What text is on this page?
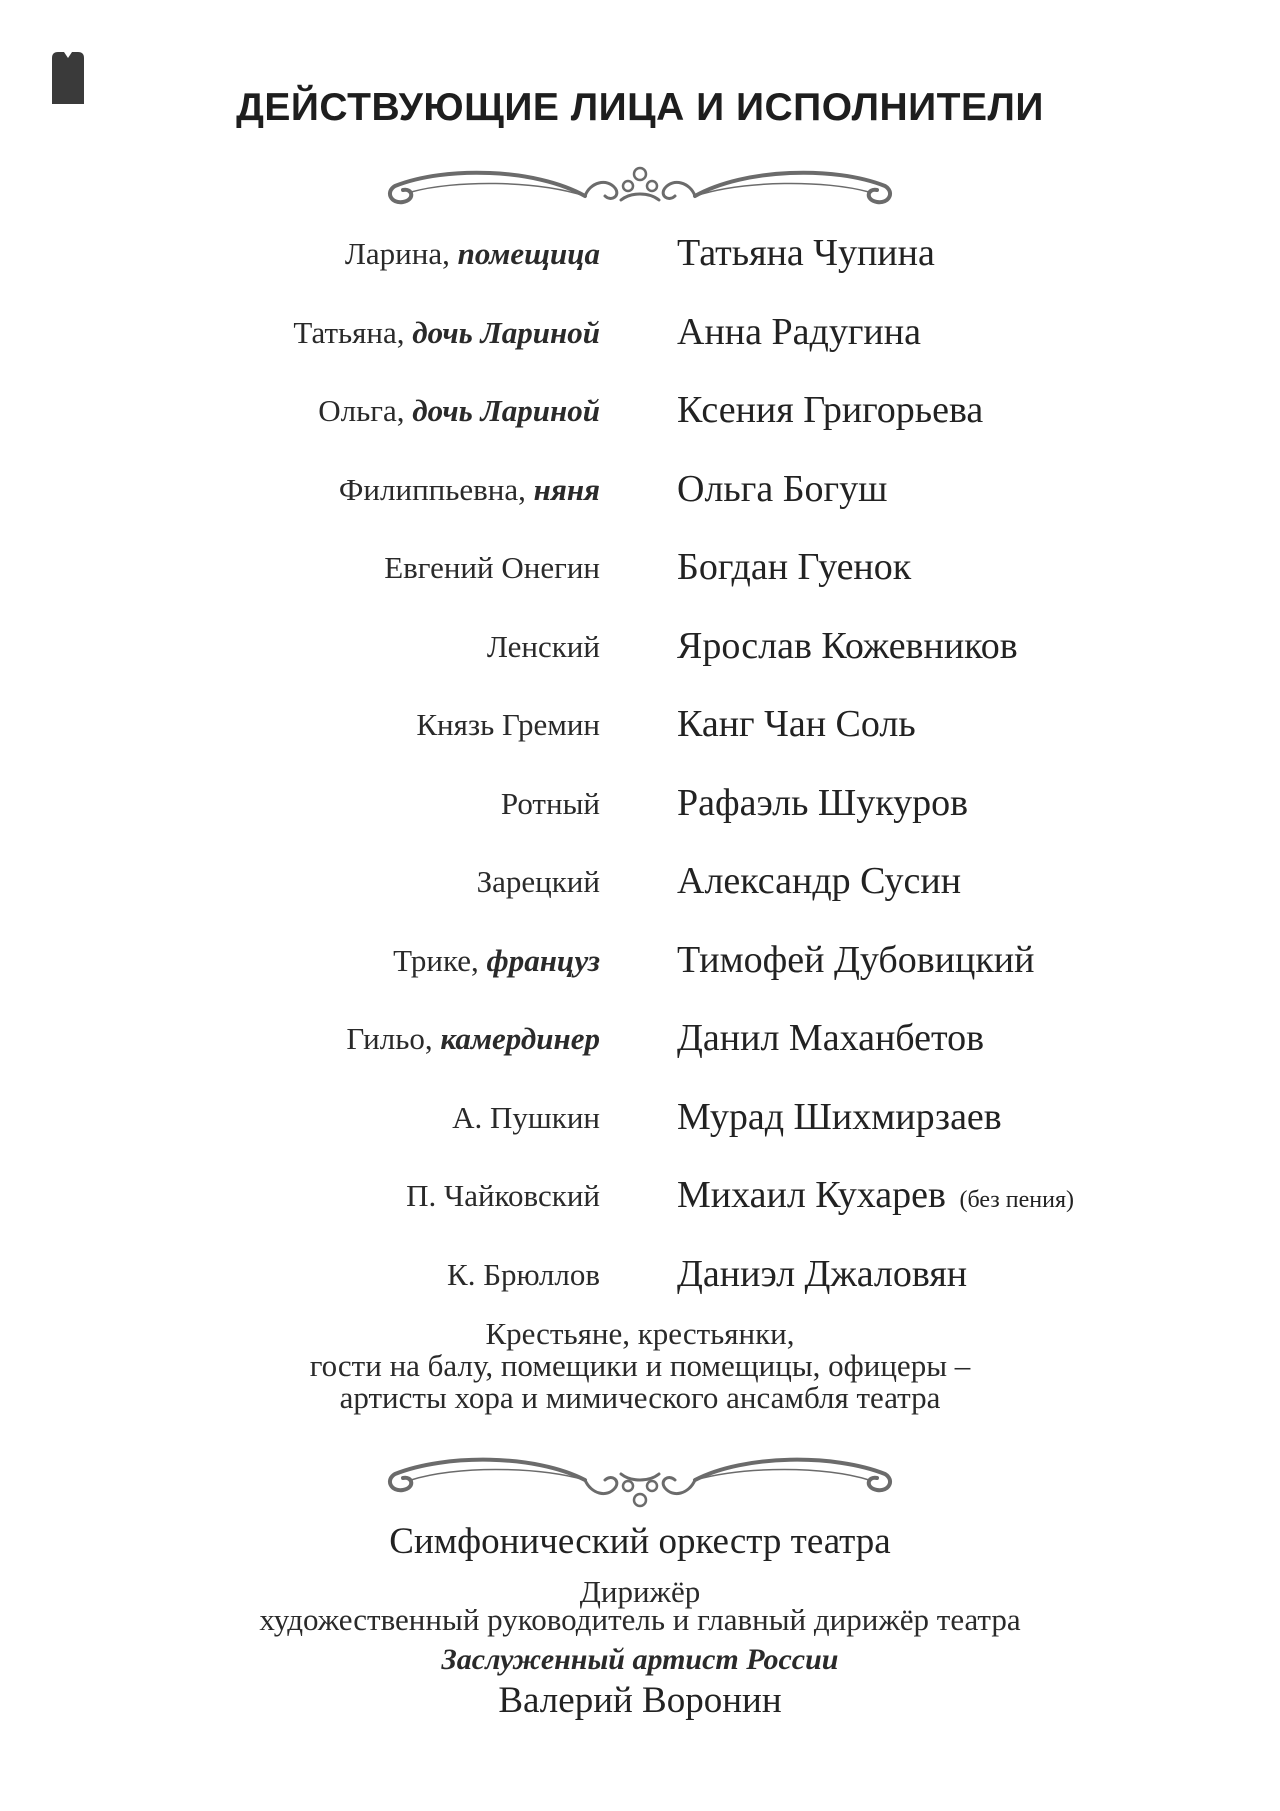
ДЕЙСТВУЮЩИЕ ЛИЦА И ИСПОЛНИТЕЛИ
Ларина, помещица Татьяна Чупина
Татьяна, дочь Лариной Анна Радугина
Ольга, дочь Лариной Ксения Григорьева
Филиппьевна, няня Ольга Богуш
Евгений Онегин Богдан Гуенок
Ленский Ярослав Кожевников
Князь Гремин Канг Чан Соль
Ротный Рафаэль Шукуров
Зарецкий Александр Сусин
Трике, француз Тимофей Дубовицкий
Гильо, камердинер Данил Маханбетов
А. Пушкин Мурад Шихмирзаев
П. Чайковский Михаил Кухарев (без пения)
К. Брюллов Даниэл Джаловян
Крестьяне, крестьянки,
гости на балу, помещики и помещицы, офицеры –
артисты хора и мимического ансамбля театра
Симфонический оркестр театра
Дирижёр
художественный руководитель и главный дирижёр театра
Заслуженный артист России
Валерий Воронин
